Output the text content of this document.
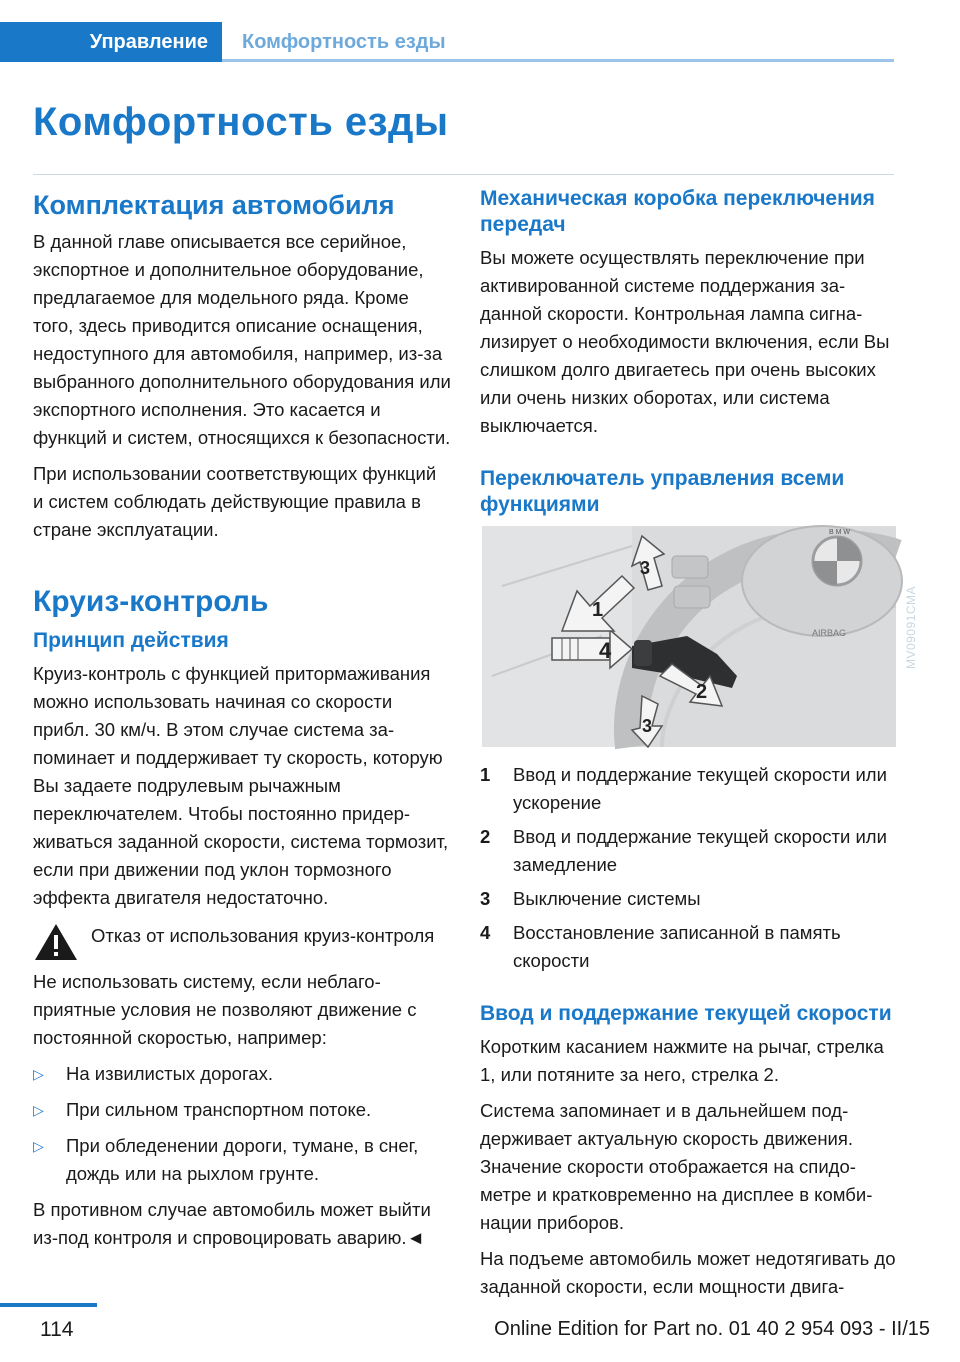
Управление	Комфортность езды
Комфортность езды
Комплектация автомобиля

В данной главе описывается все серийное, экспортное и дополнительное оборудование, предлагаемое для модельного ряда. Кроме того, здесь приводится описание оснащения, недоступного для автомобиля, например, из-за выбранного дополнительного оборудования или экспортного исполнения. Это касается и функций и систем, относящихся к безопасности.

При использовании соответствующих функций и систем соблюдать действующие правила в стране эксплуатации.

Круиз-контроль
Принцип действия

Круиз-контроль с функцией притормаживания можно использовать начиная со скорости прибл. 30 км/ч. В этом случае система запоминает и поддерживает ту скорость, которую Вы задаете подрулевым рычажным переключателем. Чтобы постоянно придерживаться заданной скорости, система тормозит, если при движении под уклон тормозного эффекта двигателя недостаточно.

Отказ от использования круиз-контроля

Не использовать систему, если неблагоприятные условия не позволяют движение с постоянной скоростью, например:

▷	На извилистых дорогах.
▷	При сильном транспортном потоке.
▷	При обледенении дороги, тумане, в снег, дождь или на рыхлом грунте.

В противном случае автомобиль может выйти из-под контроля и спровоцировать аварию.◄

Механическая коробка переключения передач

Вы можете осуществлять переключение при активированной системе поддержания заданной скорости. Контрольная лампа сигнализирует о необходимости включения, если Вы слишком долго двигаетесь при очень высоких или очень низких оборотах, или система выключается.

Переключатель управления всеми функциями
B M W
AIRBAG
4
1
3
2
3
MV09091CMA
1	Ввод и поддержание текущей скорости или ускорение
2	Ввод и поддержание текущей скорости или замедление
3	Выключение системы
4	Восстановление записанной в память скорости
Ввод и поддержание текущей скорости

Коротким касанием нажмите на рычаг, стрелка 1, или потяните за него, стрелка 2.

Система запоминает и в дальнейшем поддерживает актуальную скорость движения. Значение скорости отображается на спидометре и кратковременно на дисплее в комбинации приборов.

На подъеме автомобиль может недотягивать до заданной скорости, если мощности двига-

114	Online Edition for Part no. 01 40 2 954 093 - II/15
